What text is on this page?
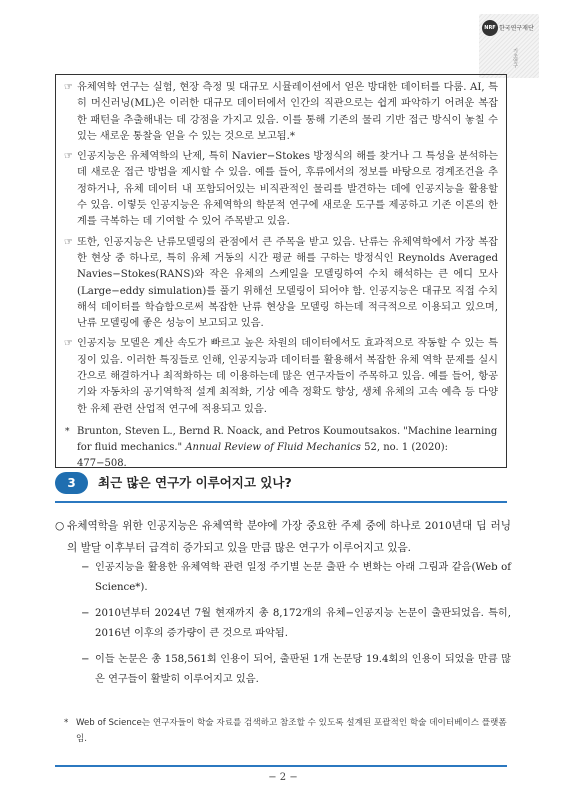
NRF 한국연구재단
기초연구
☞ 유체역학 연구는 실험, 현장 측정 및 대규모 시뮬레이션에서 얻은 방대한 데이터를 다룸. AI, 특히 머신러닝(ML)은 이러한 대규모 데이터에서 인간의 직관으로는 쉽게 파악하기 어려운 복잡한 패턴을 추출해내는 데 강점을 가지고 있음. 이를 통해 기존의 물리 기반 접근 방식이 놓칠 수 있는 새로운 통찰을 얻을 수 있는 것으로 보고됨.*
☞ 인공지능은 유체역학의 난제, 특히 Navier−Stokes 방정식의 해를 찾거나 그 특성을 분석하는 데 새로운 접근 방법을 제시할 수 있음. 예를 들어, 후류에서의 정보를 바탕으로 경계조건을 추정하거나, 유체 데이터 내 포함되어있는 비직관적인 물리를 발견하는 데에 인공지능을 활용할 수 있음. 이렇듯 인공지능은 유체역학의 학문적 연구에 새로운 도구를 제공하고 기존 이론의 한계를 극복하는 데 기여할 수 있어 주목받고 있음.
☞ 또한, 인공지능은 난류모델링의 관점에서 큰 주목을 받고 있음. 난류는 유체역학에서 가장 복잡한 현상 중 하나로, 특히 유체 거동의 시간 평균 해를 구하는 방정식인 Reynolds Averaged Navies−Stokes(RANS)와 작은 유체의 스케일을 모델링하여 수치 해석하는 큰 에디 모사(Large−eddy simulation)를 풀기 위해선 모델링이 되어야 함. 인공지능은 대규모 직접 수치해석 데이터를 학습함으로써 복잡한 난류 현상을 모델링 하는데 적극적으로 이용되고 있으며, 난류 모델링에 좋은 성능이 보고되고 있음.
☞ 인공지능 모델은 계산 속도가 빠르고 높은 차원의 데이터에서도 효과적으로 작동할 수 있는 특징이 있음. 이러한 특징들로 인해, 인공지능과 데이터를 활용해서 복잡한 유체 역학 문제를 실시간으로 해결하거나 최적화하는 데 이용하는데 많은 연구자들이 주목하고 있음. 예를 들어, 항공기와 자동차의 공기역학적 설계 최적화, 기상 예측 정확도 향상, 생체 유체의 고속 예측 등 다양한 유체 관련 산업적 연구에 적용되고 있음.
* Brunton, Steven L., Bernd R. Noack, and Petros Koumoutsakos. "Machine learning for fluid mechanics." Annual Review of Fluid Mechanics 52, no. 1 (2020): 477−508.
3	최근 많은 연구가 이루어지고 있나?
○ 유체역학을 위한 인공지능은 유체역학 분야에 가장 중요한 주제 중에 하나로 2010년대 딥 러닝의 발달 이후부터 급격히 증가되고 있을 만큼 많은 연구가 이루어지고 있음.
− 인공지능을 활용한 유체역학 관련 일정 주기별 논문 출판 수 변화는 아래 그림과 같음(Web of Science*).
− 2010년부터 2024년 7월 현재까지 총 8,172개의 유체−인공지능 논문이 출판되었음. 특히, 2016년 이후의 증가량이 큰 것으로 파악됨.
− 이들 논문은 총 158,561회 인용이 되어, 출판된 1개 논문당 19.4회의 인용이 되었을 만큼 많은 연구들이 활발히 이루어지고 있음.
* Web of Science는 연구자들이 학술 자료를 검색하고 참조할 수 있도록 설계된 포괄적인 학술 데이터베이스 플랫폼임.
− 2 −
